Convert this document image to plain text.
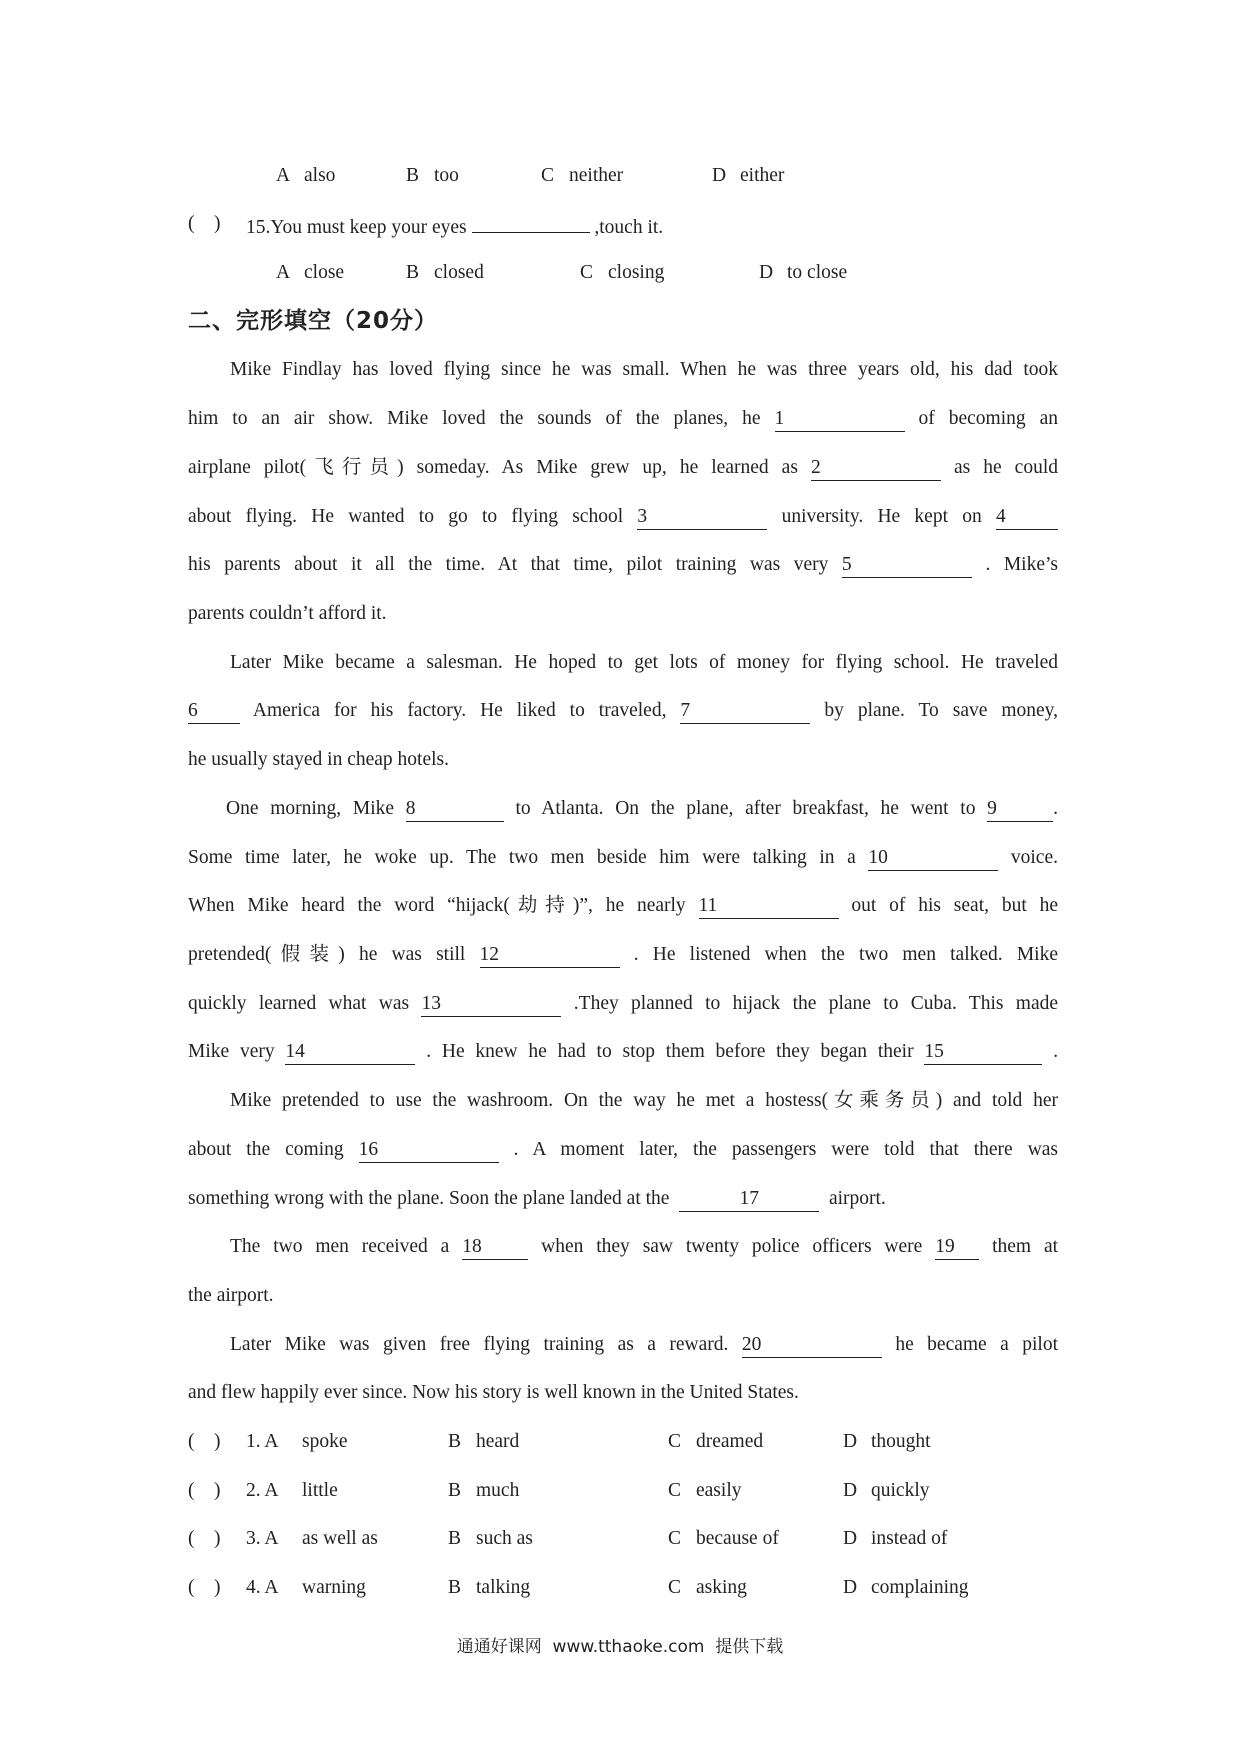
A also	B too	C neither	D either
(    ) 15.You must keep your eyes	,touch it.
A close	B closed	C closing	D to close
二、完形填空（20分）
Mike Findlay has loved flying since he was small. When he was three years old, his dad took
him to an air show. Mike loved the sounds of the planes, he 1	of becoming an
airplane pilot(飞行员) someday. As Mike grew up, he learned as 2	as he could
about flying. He wanted to go to flying school 3	university. He kept on 4
his parents about it all the time. At that time, pilot training was very 5	. Mike’s
parents couldn’t afford it.
Later Mike became a salesman. He hoped to get lots of money for flying school. He traveled
6	America for his factory. He liked to traveled, 7	by plane. To save money,
he usually stayed in cheap hotels.
One morning, Mike 8	to Atlanta. On the plane, after breakfast, he went to 9	.
Some time later, he woke up. The two men beside him were talking in a 10	voice.
When Mike heard the word “hijack(劫持)”, he nearly 11	out of his seat, but he
pretended(假装) he was still 12	. He listened when the two men talked. Mike
quickly learned what was 13	.They planned to hijack the plane to Cuba. This made
Mike very 14	. He knew he had to stop them before they began their 15	.
Mike pretended to use the washroom. On the way he met a hostess(女乘务员) and told her
about the coming 16	. A moment later, the passengers were told that there was
something wrong with the plane. Soon the plane landed at the	17	airport.
The two men received a 18	when they saw twenty police officers were 19 them at
the airport.
Later Mike was given free flying training as a reward. 20	he became a pilot
and flew happily ever since. Now his story is well known in the United States.
(    ) 1. A spoke	B heard	C dreamed	D thought
(    ) 2. A little	B much	C easily	D quickly
(    ) 3. A as well as	B such as	C because of	D instead of
(    ) 4. A warning	B talking	C asking	D complaining
通通好课网  www.tthaoke.com  提供下载
